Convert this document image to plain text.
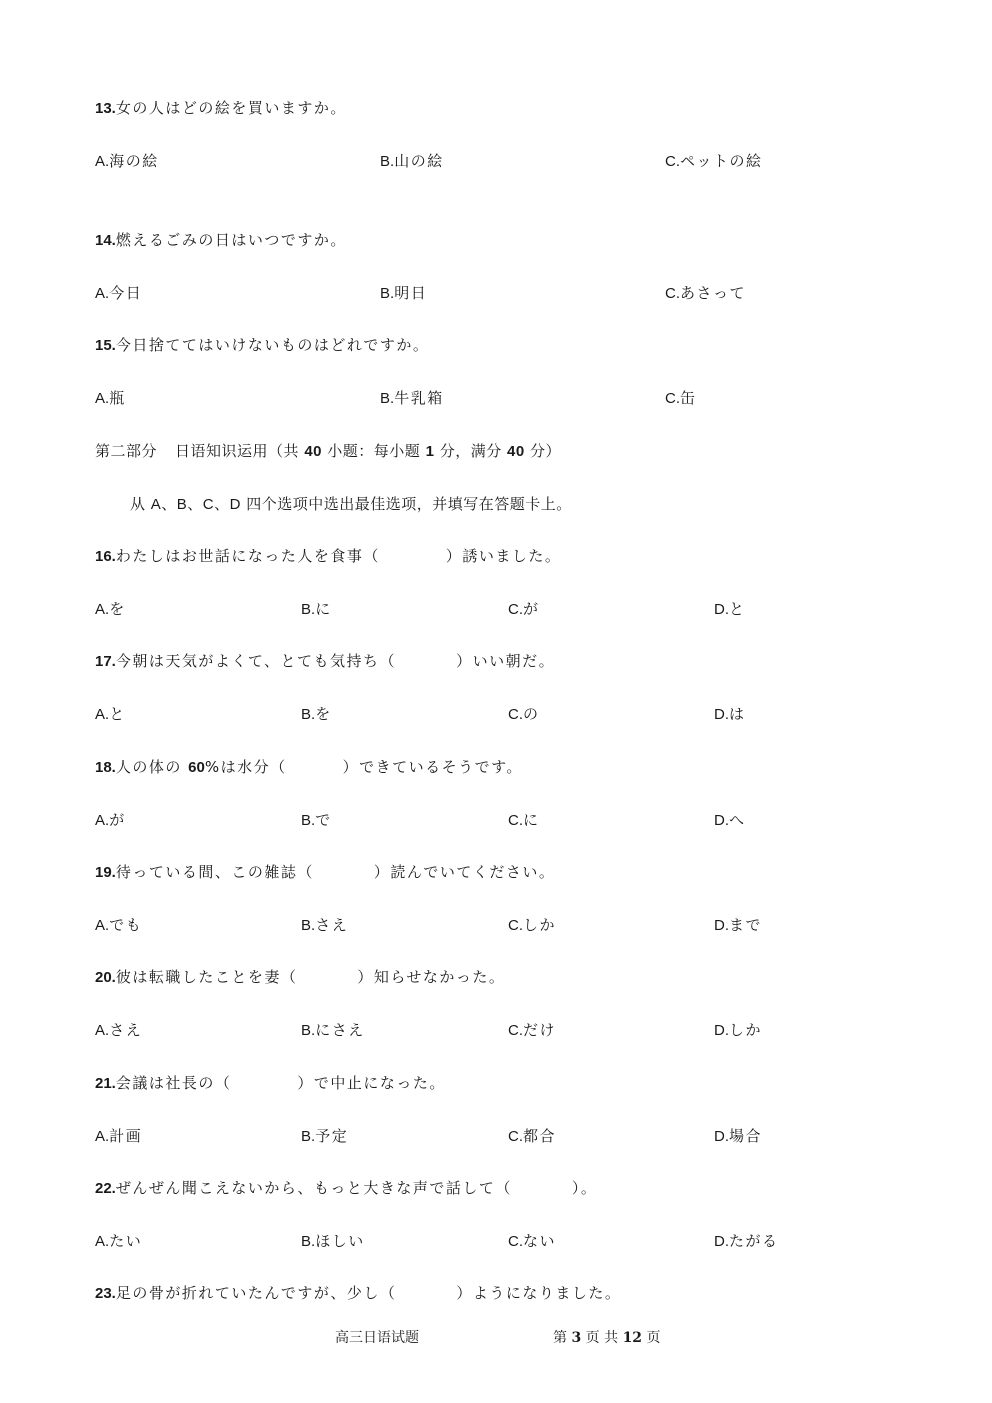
13.女の人はどの絵を買いますか。
A.海の絵	B.山の絵	C.ペットの絵
14.燃えるごみの日はいつですか。
A.今日	B.明日	C.あさって
15.今日捨ててはいけないものはどれですか。
A.瓶	B.牛乳箱	C.缶
第二部分 日语知识运用（共 40 小题：每小题 1 分，满分 40 分）
从 A、B、C、D 四个选项中选出最佳选项，并填写在答题卡上。
16.わたしはお世話になった人を食事（	）誘いました。
A.を	B.に	C.が	D.と
17.今朝は天気がよくて、とても気持ち（	）いい朝だ。
A.と	B.を	C.の	D.は
18.人の体の 60%は水分（	）できているそうです。
A.が	B.で	C.に	D.へ
19.待っている間、この雑誌（	）読んでいてください。
A.でも	B.さえ	C.しか	D.まで
20.彼は転職したことを妻（	）知らせなかった。
A.さえ	B.にさえ	C.だけ	D.しか
21.会議は社長の（	）で中止になった。
A.計画	B.予定	C.都合	D.場合
22.ぜんぜん聞こえないから、もっと大きな声で話して（	）。
A.たい	B.ほしい	C.ない	D.たがる
23.足の骨が折れていたんですが、少し（	）ようになりました。
高三日语试题	第 3 页 共 12 页
